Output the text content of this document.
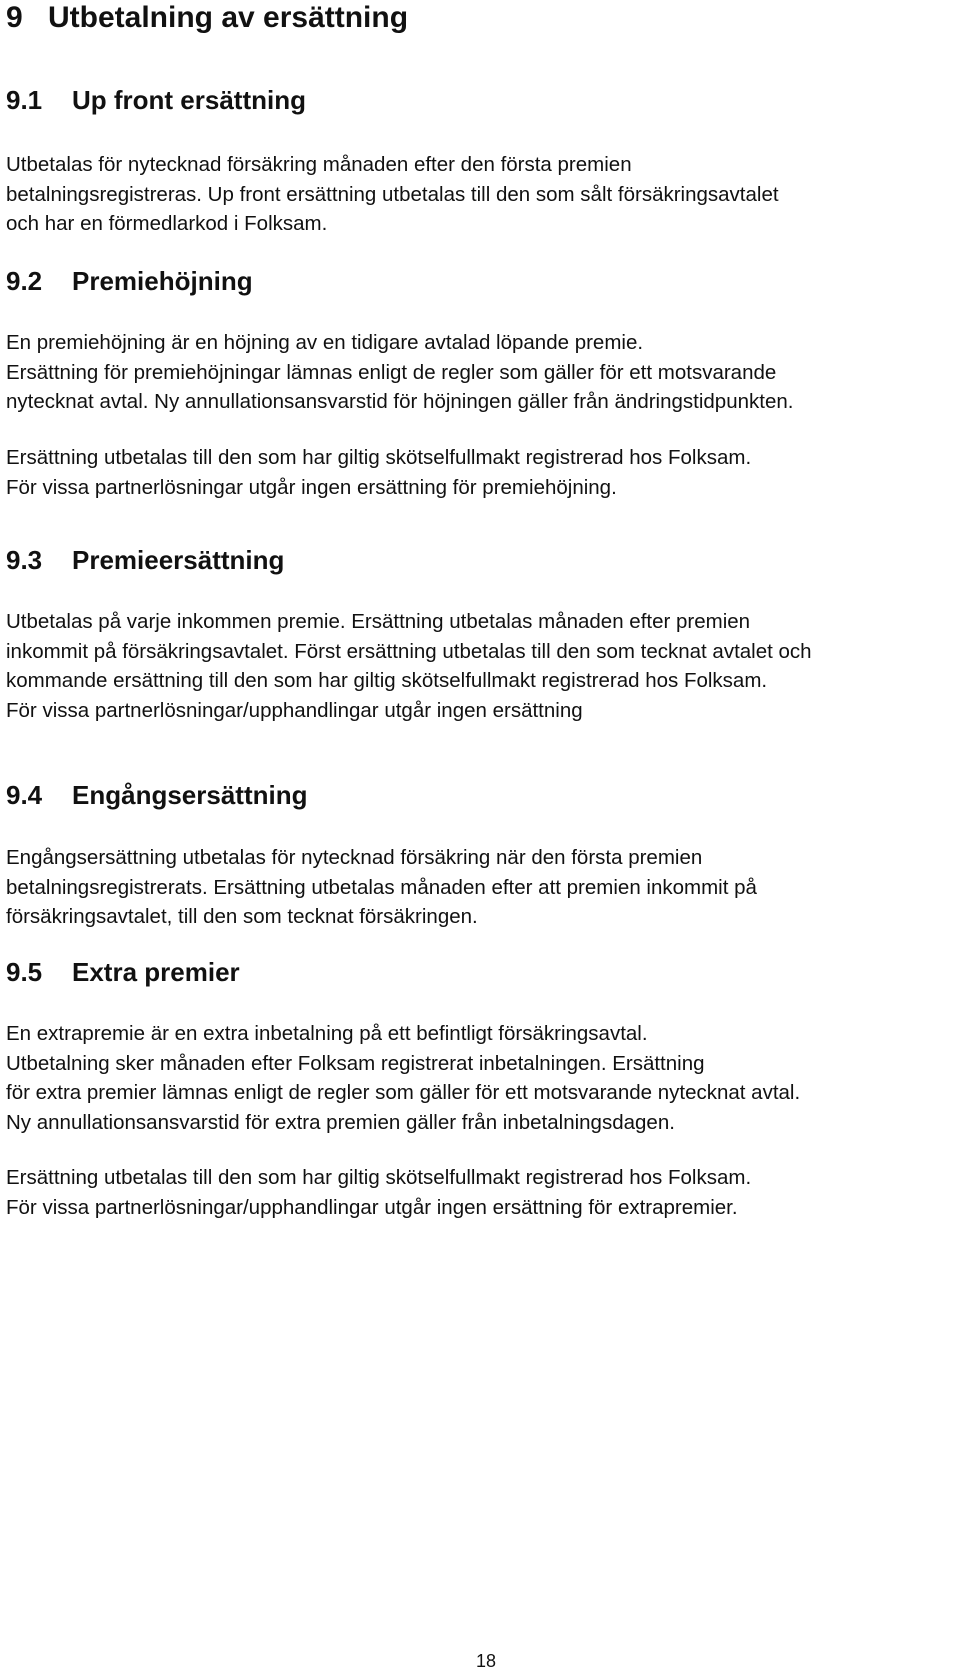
9 Utbetalning av ersättning
9.1 Up front ersättning

Utbetalas för nytecknad försäkring månaden efter den första premien
betalningsregistreras. Up front ersättning utbetalas till den som sålt försäkringsavtalet
och har en förmedlarkod i Folksam.

9.2 Premiehöjning

En premiehöjning är en höjning av en tidigare avtalad löpande premie.
Ersättning för premiehöjningar lämnas enligt de regler som gäller för ett motsvarande
nytecknat avtal. Ny annullationsansvarstid för höjningen gäller från ändringstidpunkten.

Ersättning utbetalas till den som har giltig skötselfullmakt registrerad hos Folksam.
För vissa partnerlösningar utgår ingen ersättning för premiehöjning.

9.3 Premieersättning

Utbetalas på varje inkommen premie. Ersättning utbetalas månaden efter premien
inkommit på försäkringsavtalet. Först ersättning utbetalas till den som tecknat avtalet och
kommande ersättning till den som har giltig skötselfullmakt registrerad hos Folksam.
För vissa partnerlösningar/upphandlingar utgår ingen ersättning

9.4 Engångsersättning

Engångsersättning utbetalas för nytecknad försäkring när den första premien
betalningsregistrerats. Ersättning utbetalas månaden efter att premien inkommit på
försäkringsavtalet, till den som tecknat försäkringen.

9.5 Extra premier

En extrapremie är en extra inbetalning på ett befintligt försäkringsavtal.
Utbetalning sker månaden efter Folksam registrerat inbetalningen. Ersättning
för extra premier lämnas enligt de regler som gäller för ett motsvarande nytecknat avtal.
Ny annullationsansvarstid för extra premien gäller från inbetalningsdagen.

Ersättning utbetalas till den som har giltig skötselfullmakt registrerad hos Folksam.
För vissa partnerlösningar/upphandlingar utgår ingen ersättning för extrapremier.

18
